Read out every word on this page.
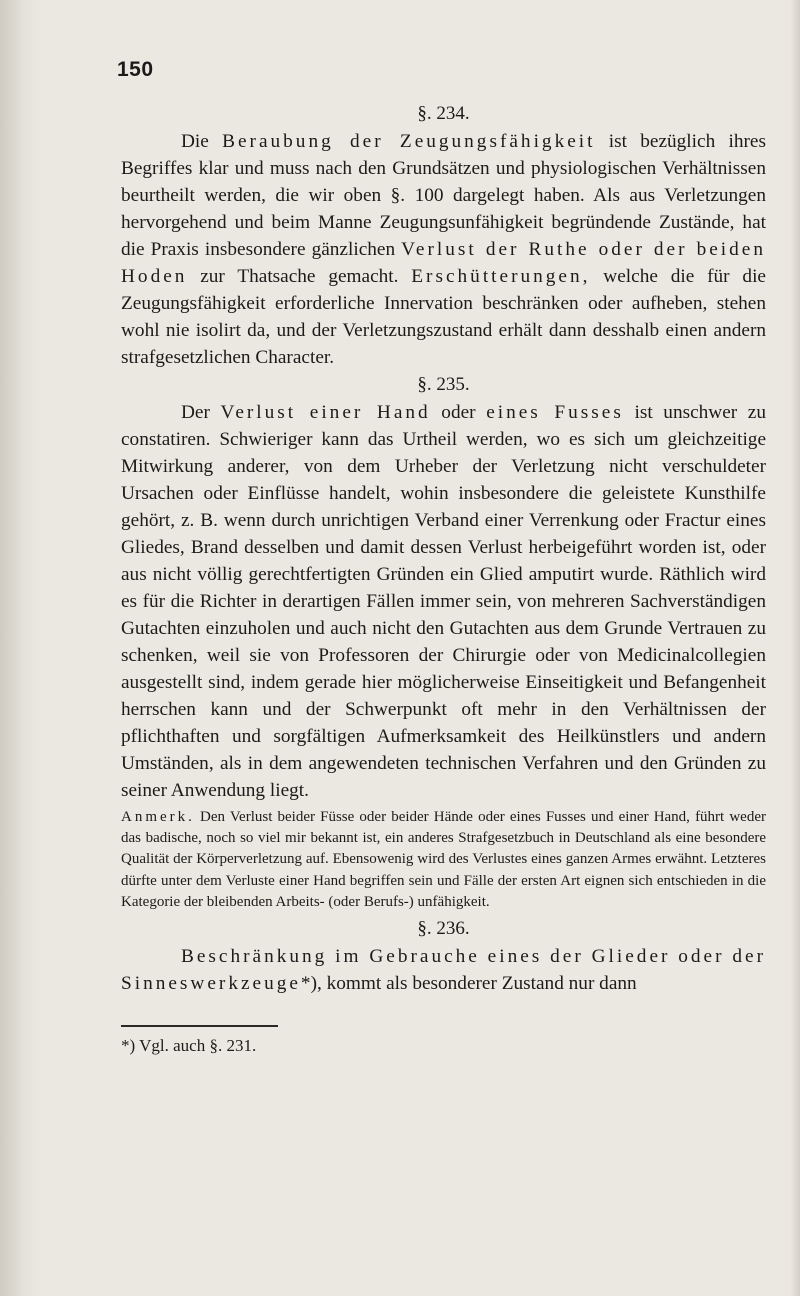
150

§. 234.

Die Beraubung der Zeugungsfähigkeit ist bezüglich ihres Begriffes klar und muss nach den Grundsätzen und physiologischen Verhältnissen beurtheilt werden, die wir oben §. 100 dargelegt haben. Als aus Verletzungen hervorgehend und beim Manne Zeugungsunfähigkeit begründende Zustände, hat die Praxis insbesondere gänzlichen Verlust der Ruthe oder der beiden Hoden zur Thatsache gemacht. Erschütterungen, welche die für die Zeugungsfähigkeit erforderliche Innervation beschränken oder aufheben, stehen wohl nie isolirt da, und der Verletzungszustand erhält dann desshalb einen andern strafgesetzlichen Character.

§. 235.

Der Verlust einer Hand oder eines Fusses ist unschwer zu constatiren. Schwieriger kann das Urtheil werden, wo es sich um gleichzeitige Mitwirkung anderer, von dem Urheber der Verletzung nicht verschuldeter Ursachen oder Einflüsse handelt, wohin insbesondere die geleistete Kunsthilfe gehört, z. B. wenn durch unrichtigen Verband einer Verrenkung oder Fractur eines Gliedes, Brand desselben und damit dessen Verlust herbeigeführt worden ist, oder aus nicht völlig gerechtfertigten Gründen ein Glied amputirt wurde. Räthlich wird es für die Richter in derartigen Fällen immer sein, von mehreren Sachverständigen Gutachten einzuholen und auch nicht den Gutachten aus dem Grunde Vertrauen zu schenken, weil sie von Professoren der Chirurgie oder von Medicinalcollegien ausgestellt sind, indem gerade hier möglicherweise Einseitigkeit und Befangenheit herrschen kann und der Schwerpunkt oft mehr in den Verhältnissen der pflichthaften und sorgfältigen Aufmerksamkeit des Heilkünstlers und andern Umständen, als in dem angewendeten technischen Verfahren und den Gründen zu seiner Anwendung liegt.

Anmerk. Den Verlust beider Füsse oder beider Hände oder eines Fusses und einer Hand, führt weder das badische, noch so viel mir bekannt ist, ein anderes Strafgesetzbuch in Deutschland als eine besondere Qualität der Körperverletzung auf. Ebensowenig wird des Verlustes eines ganzen Armes erwähnt. Letzteres dürfte unter dem Verluste einer Hand begriffen sein und Fälle der ersten Art eignen sich entschieden in die Kategorie der bleibenden Arbeits- (oder Berufs-) unfähigkeit.

§. 236.

Beschränkung im Gebrauche eines der Glieder oder der Sinneswerkzeuge*), kommt als besonderer Zustand nur dann

*) Vgl. auch §. 231.
